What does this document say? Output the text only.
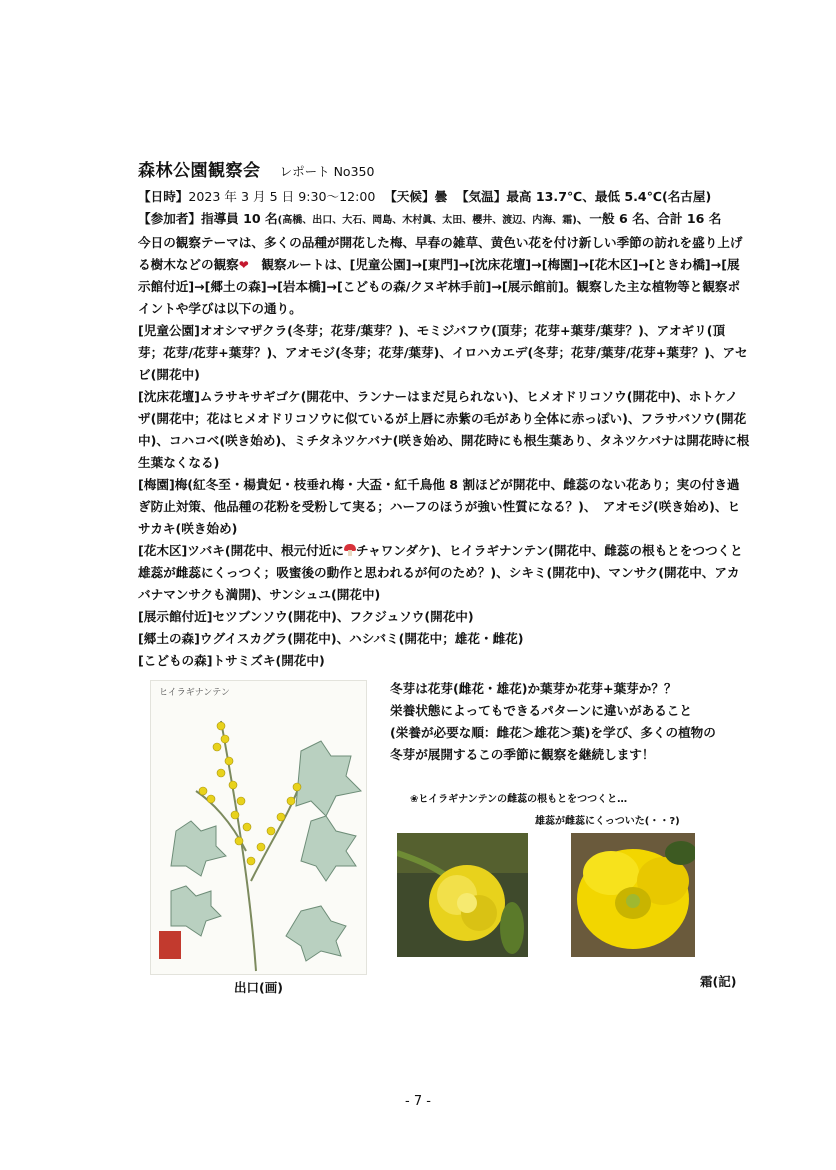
森林公園観察会 レポート No350

【日時】2023 年 3 月 5 日 9:30～12:00 【天候】曇 【気温】最高 13.7℃、最低 5.4℃(名古屋)

【参加者】指導員 10 名(高橋、出口、大石、岡島、木村眞、太田、櫻井、渡辺、内海、霜)、一般 6 名、合計 16 名

今日の観察テーマは、多くの品種が開花した梅、早春の雑草、黄色い花を付け新しい季節の訪れを盛り上げる樹木などの観察❤　観察ルートは、[児童公園]→[東門]→[沈床花壇]→[梅園]→[花木区]→[ときわ橋]→[展示館付近]→[郷土の森]→[岩本橋]→[こどもの森/クヌギ林手前]→[展示館前]。観察した主な植物等と観察ポイントや学びは以下の通り。

[児童公園]オオシマザクラ(冬芽；花芽/葉芽？)、モミジバフウ(頂芽；花芽+葉芽/葉芽？)、アオギリ(頂芽；花芽/花芽+葉芽？)、アオモジ(冬芽；花芽/葉芽)、イロハカエデ(冬芽；花芽/葉芽/花芽+葉芽？)、アセビ(開花中)

[沈床花壇]ムラサキサギゴケ(開花中、ランナーはまだ見られない)、ヒメオドリコソウ(開花中)、ホトケノザ(開花中；花はヒメオドリコソウに似ているが上唇に赤紫の毛があり全体に赤っぽい)、フラサバソウ(開花中)、コハコベ(咲き始め)、ミチタネツケバナ(咲き始め、開花時にも根生葉あり、タネツケバナは開花時に根生葉なくなる)

[梅園]梅(紅冬至・楊貴妃・枝垂れ梅・大盃・紅千鳥他 8 割ほどが開花中、雌蕊のない花あり；実の付き過ぎ防止対策、他品種の花粉を受粉して実る；ハーフのほうが強い性質になる？)、　アオモジ(咲き始め)、ヒサカキ(咲き始め)

[花木区]ツバキ(開花中、根元付近に チャワンダケ)、ヒイラギナンテン(開花中、雌蕊の根もとをつつくと雄蕊が雌蕊にくっつく；吸蜜後の動作と思われるが何のため？)、シキミ(開花中)、マンサク(開花中、アカバナマンサクも満開)、サンシュユ(開花中)

[展示館付近]セツブンソウ(開花中)、フクジュソウ(開花中)

[郷土の森]ウグイスカグラ(開花中)、ハシバミ(開花中；雄花・雌花)

[こどもの森]トサミズキ(開花中)

ヒイラギナンテン
出口(画)

冬芽は花芽(雌花・雄花)か葉芽か花芽+葉芽か？？

栄養状態によってもできるパターンに違いがあること

(栄養が必要な順：雌花＞雄花＞葉)を学び、多くの植物の

冬芽が展開するこの季節に観察を継続します！

❀ヒイラギナンテンの雌蕊の根もとをつつくと…
雄蕊が雌蕊にくっついた(・・?)
霜(記)
- 7 -
